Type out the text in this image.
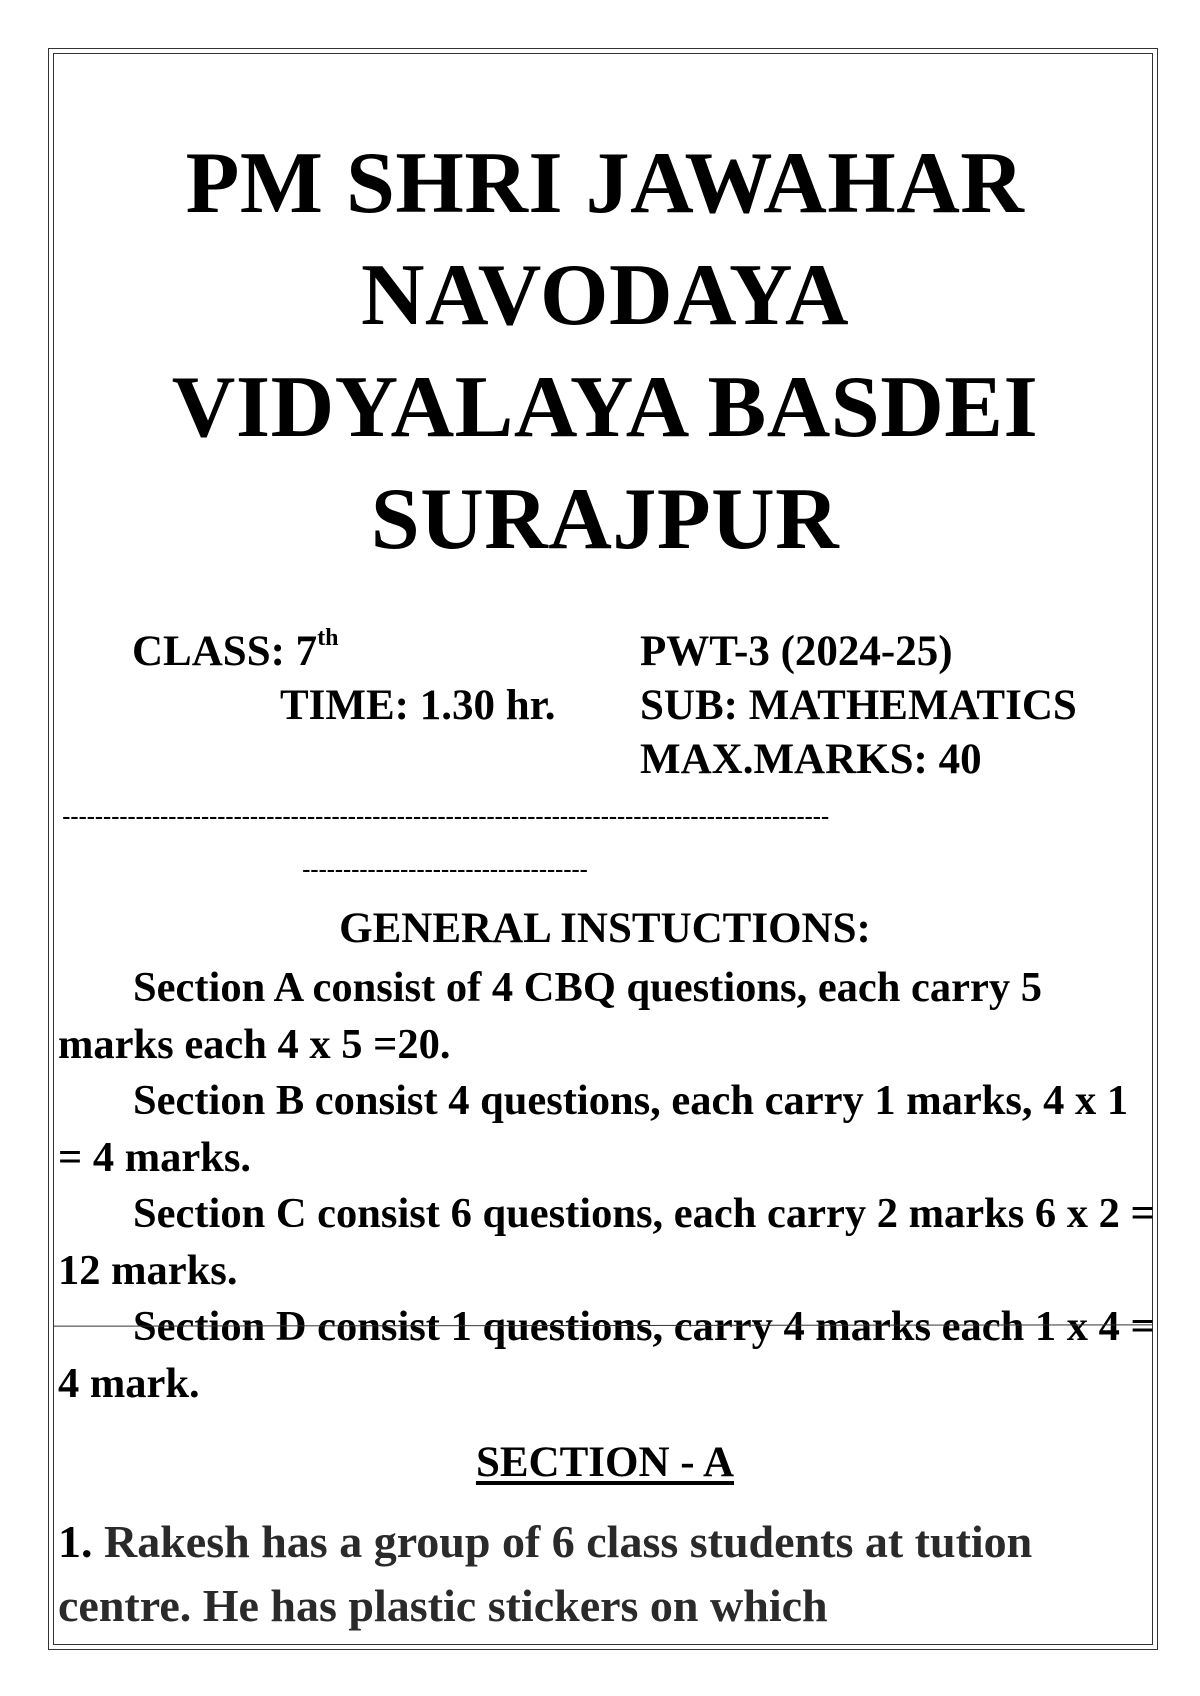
PM SHRI JAWAHAR
NAVODAYA
VIDYALAYA BASDEI
SURAJPUR
CLASS: 7th
TIME: 1.30 hr.
PWT-3 (2024-25)
SUB: MATHEMATICS
MAX.MARKS: 40
----------------------------------------------------------------------------------------------
-----------------------------------
GENERAL INSTUCTIONS:

Section A consist of 4 CBQ questions, each carry 5 marks each 4 x 5 =20.

Section B consist 4 questions, each carry 1 marks, 4 x 1 = 4 marks.

Section C consist 6 questions, each carry 2 marks 6 x 2 = 12 marks.

Section D consist 1 questions, carry 4 marks each 1 x 4 = 4 mark.

SECTION - A
1. Rakesh has a group of 6 class students at tution centre. He has plastic stickers on which
